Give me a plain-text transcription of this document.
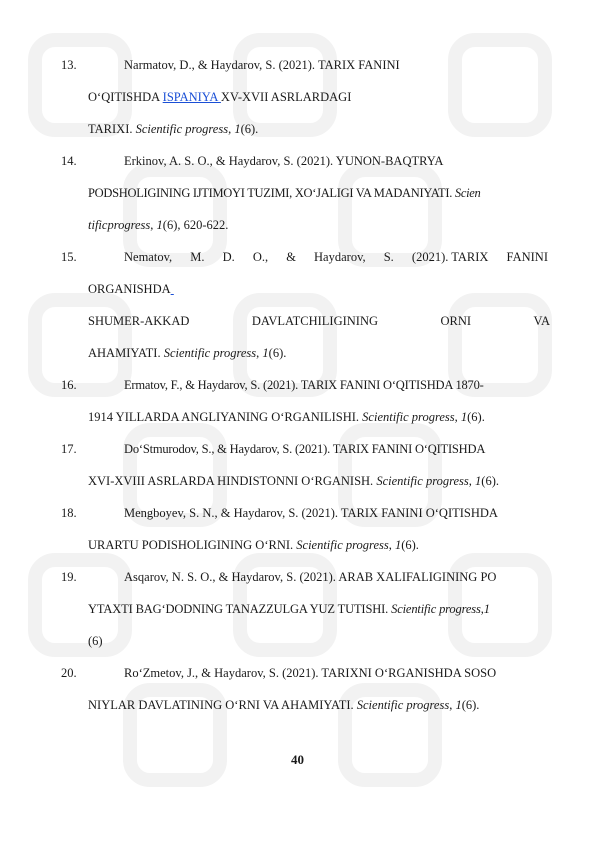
13.	Narmatov, D., & Haydarov, S. (2021). TARIX FANINI
O‘QITISHDA ISPANIYA XV-XVII ASRLARDAGI
TARIXI. Scientific progress, 1(6).
14.	Erkinov, A. S. O., & Haydarov, S. (2021). YUNON-BAQTRYA
PODSHOLIGINING IJTIMOYI TUZIMI, XO‘JALIGI VA MADANIYATI. Scien
tificprogress, 1(6), 620-622.
15.	Nematov, M. D. O., & Haydarov, S. (2021). TARIX FANINI
ORGANISHDA
SHUMER-AKKAD	DAVLATCHILIGINING	ORNI	VA
AHAMIYATI. Scientific progress, 1(6).
16.	Ermatov, F., & Haydarov, S. (2021). TARIX FANINI O‘QITISHDA 1870-
1914 YILLARDA ANGLIYANING O‘RGANILISHI. Scientific progress, 1(6).
17.	Do‘Stmurodov, S., & Haydarov, S. (2021). TARIX FANINI O‘QITISHDA
XVI-XVIII ASRLARDA HINDISTONNI O‘RGANISH. Scientific progress, 1(6).
18.	Mengboyev, S. N., & Haydarov, S. (2021). TARIX FANINI O‘QITISHDA
URARTU PODISHOLIGINING O‘RNI. Scientific progress, 1(6).
19.	Asqarov, N. S. O., & Haydarov, S. (2021). ARAB XALIFALIGINING PO
YTAXTI BAG‘DODNING TANAZZULGA YUZ TUTISHI. Scientific progress,1
(6)
20.	Ro‘Zmetov, J., & Haydarov, S. (2021). TARIXNI O‘RGANISHDA SOSO
NIYLAR DAVLATINING O‘RNI VA AHAMIYATI. Scientific progress, 1(6).
40
